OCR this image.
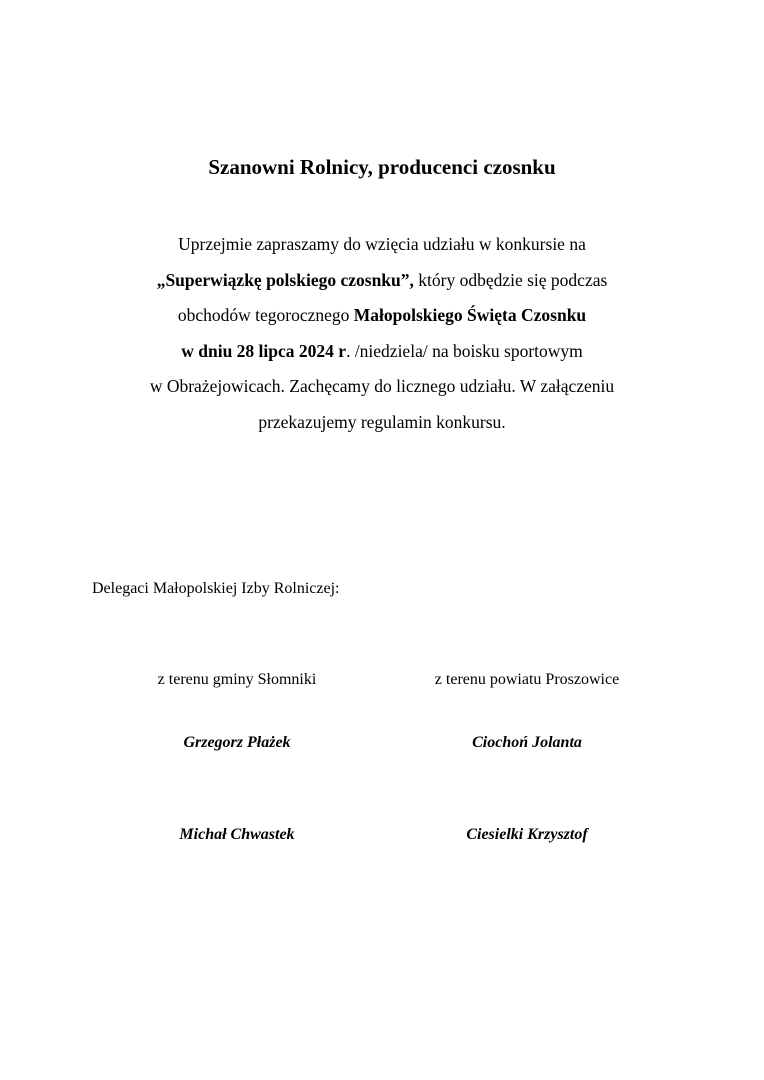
Szanowni Rolnicy, producenci czosnku
Uprzejmie zapraszamy do wzięcia udziału w konkursie na
„Superwiązkę polskiego czosnku”, który odbędzie się podczas
obchodów tegorocznego Małopolskiego Święta Czosnku
w dniu 28 lipca 2024 r. /niedziela/ na boisku sportowym
w Obrażejowicach. Zachęcamy do licznego udziału. W załączeniu
przekazujemy regulamin konkursu.
Delegaci Małopolskiej Izby Rolniczej:
z terenu gminy Słomniki
Grzegorz Płażek
Michał Chwastek
z terenu powiatu Proszowice
Ciochoń Jolanta
Ciesielki Krzysztof
